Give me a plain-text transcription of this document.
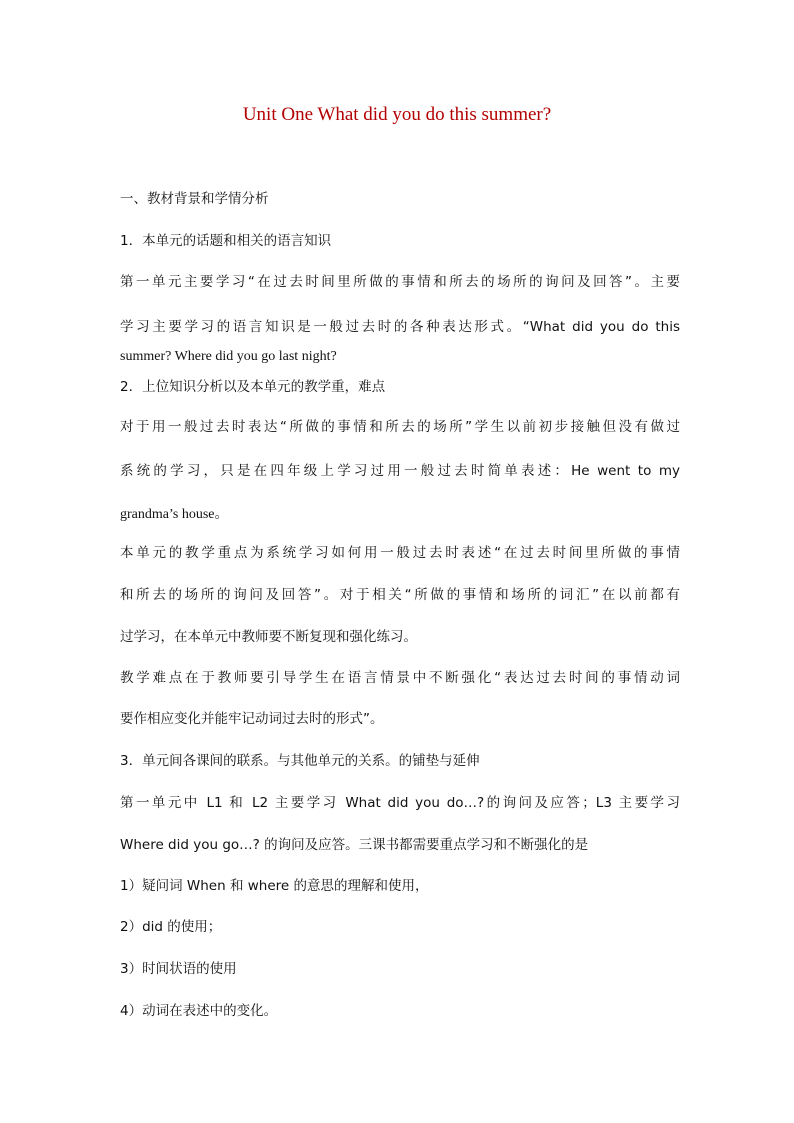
Unit One What did you do this summer?
一、教材背景和学情分析
1．本单元的话题和相关的语言知识
第一单元主要学习“在过去时间里所做的事情和所去的场所的询问及回答”。主要
学习主要学习的语言知识是一般过去时的各种表达形式。“What did you do this
summer? Where did you go last night?
2．上位知识分析以及本单元的教学重，难点
对于用一般过去时表达“所做的事情和所去的场所”学生以前初步接触但没有做过
系统的学习，只是在四年级上学习过用一般过去时简单表述：He went to my
grandma’s house。
本单元的教学重点为系统学习如何用一般过去时表述“在过去时间里所做的事情
和所去的场所的询问及回答”。对于相关“所做的事情和场所的词汇”在以前都有
过学习，在本单元中教师要不断复现和强化练习。
教学难点在于教师要引导学生在语言情景中不断强化“表达过去时间的事情动词
要作相应变化并能牢记动词过去时的形式”。
3．单元间各课间的联系。与其他单元的关系。的铺垫与延伸
第一单元中 L1 和 L2 主要学习 What did you do…?的询问及应答；L3 主要学习
Where did you go…? 的询问及应答。三课书都需要重点学习和不断强化的是
1）疑问词 When 和 where 的意思的理解和使用，
2）did 的使用；
3）时间状语的使用
4）动词在表述中的变化。
